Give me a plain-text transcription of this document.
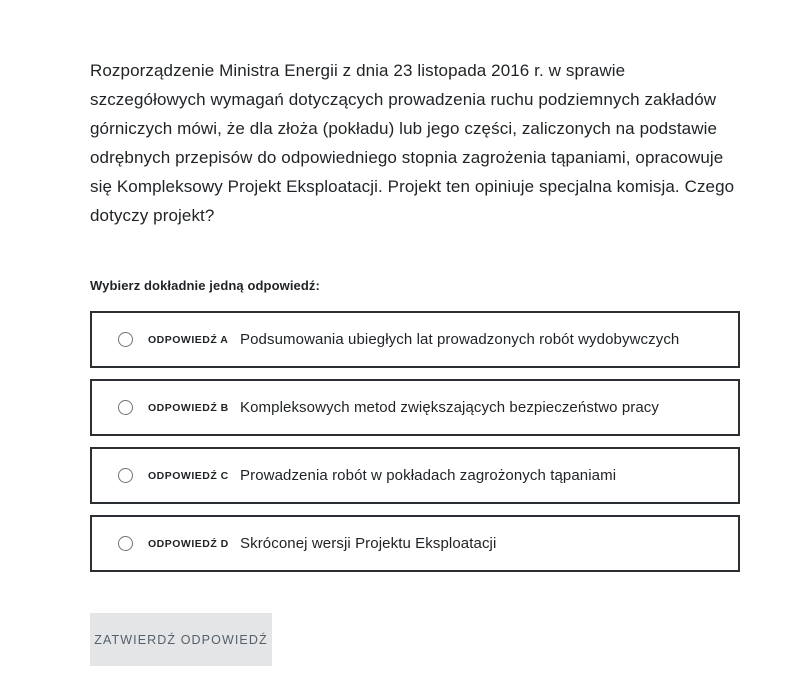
Rozporządzenie Ministra Energii z dnia 23 listopada 2016 r. w sprawie szczegółowych wymagań dotyczących prowadzenia ruchu podziemnych zakładów górniczych mówi, że dla złoża (pokładu) lub jego części, zaliczonych na podstawie odrębnych przepisów do odpowiedniego stopnia zagrożenia tąpaniami, opracowuje się Kompleksowy Projekt Eksploatacji. Projekt ten opiniuje specjalna komisja. Czego dotyczy projekt?
Wybierz dokładnie jedną odpowiedź:
ODPOWIEDŹ A Podsumowania ubiegłych lat prowadzonych robót wydobywczych
ODPOWIEDŹ B Kompleksowych metod zwiększających bezpieczeństwo pracy
ODPOWIEDŹ C Prowadzenia robót w pokładach zagrożonych tąpaniami
ODPOWIEDŹ D Skróconej wersji Projektu Eksploatacji
ZATWIERDŹ ODPOWIEDŹ
